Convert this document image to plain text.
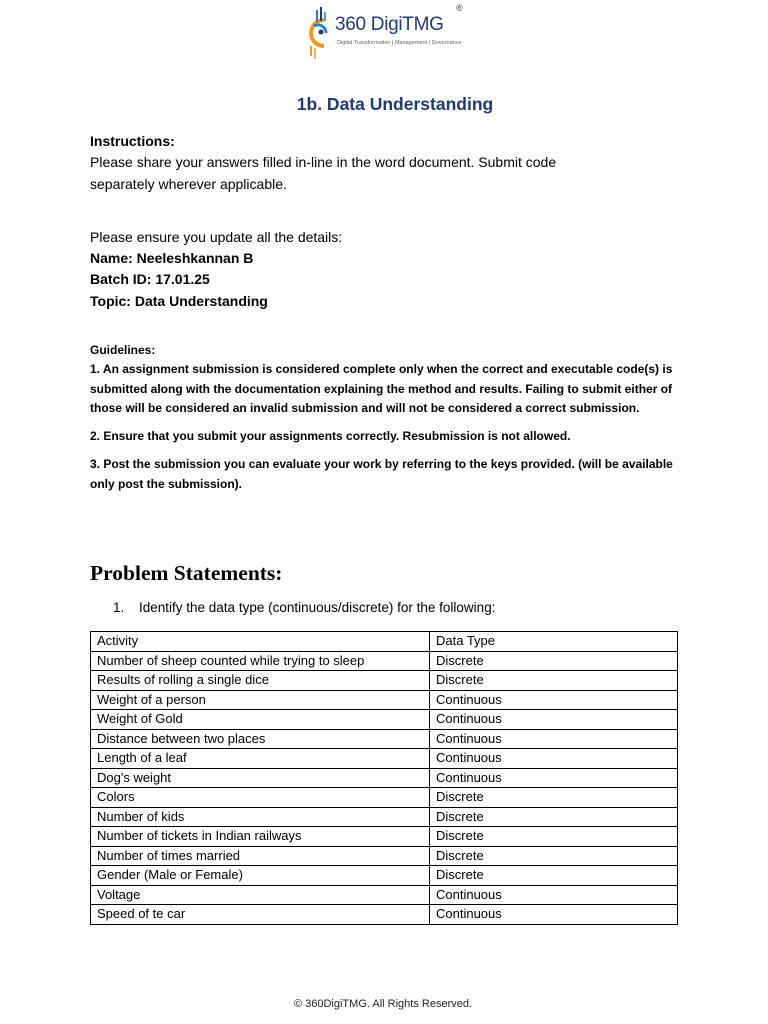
360 DigiTMG
®
Digital Transformation | Management | Governance
1b. Data Understanding
Instructions:
Please share your answers filled in-line in the word document. Submit code
separately wherever applicable.
Please ensure you update all the details:
Name: Neeleshkannan B
Batch ID: 17.01.25
Topic: Data Understanding

Guidelines:

1. An assignment submission is considered complete only when the correct and executable code(s) is submitted along with the documentation explaining the method and results. Failing to submit either of those will be considered an invalid submission and will not be considered a correct submission.

2. Ensure that you submit your assignments correctly. Resubmission is not allowed.

3. Post the submission you can evaluate your work by referring to the keys provided. (will be available only post the submission).

Problem Statements:
1. Identify the data type (continuous/discrete) for the following:
Activity	Data Type
Number of sheep counted while trying to sleep	Discrete
Results of rolling a single dice	Discrete
Weight of a person	Continuous
Weight of Gold	Continuous
Distance between two places	Continuous
Length of a leaf	Continuous
Dog's weight	Continuous
Colors	Discrete
Number of kids	Discrete
Number of tickets in Indian railways	Discrete
Number of times married	Discrete
Gender (Male or Female)	Discrete
Voltage	Continuous
Speed of te car	Continuous
© 360DigiTMG. All Rights Reserved.
